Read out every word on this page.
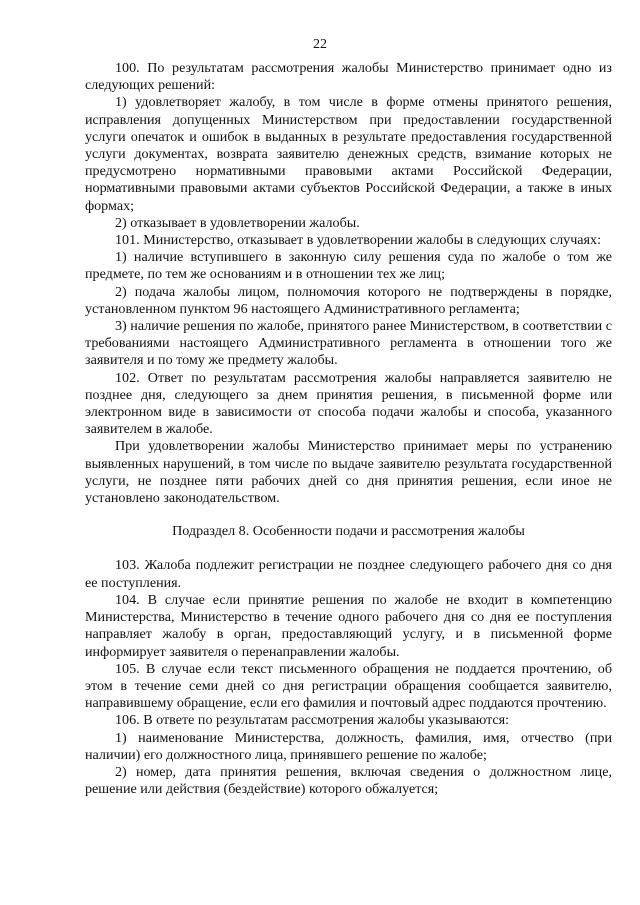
22

100. По результатам рассмотрения жалобы Министерство принимает одно из следующих решений:

1) удовлетворяет жалобу, в том числе в форме отмены принятого решения, исправления допущенных Министерством при предоставлении государственной услуги опечаток и ошибок в выданных в результате предоставления государственной услуги документах, возврата заявителю денежных средств, взимание которых не предусмотрено нормативными правовыми актами Российской Федерации, нормативными правовыми актами субъектов Российской Федерации, а также в иных формах;

2) отказывает в удовлетворении жалобы.

101. Министерство, отказывает в удовлетворении жалобы в следующих случаях:

1) наличие вступившего в законную силу решения суда по жалобе о том же предмете, по тем же основаниям и в отношении тех же лиц;

2) подача жалобы лицом, полномочия которого не подтверждены в порядке, установленном пунктом 96 настоящего Административного регламента;

3) наличие решения по жалобе, принятого ранее Министерством, в соответствии с требованиями настоящего Административного регламента в отношении того же заявителя и по тому же предмету жалобы.

102. Ответ по результатам рассмотрения жалобы направляется заявителю не позднее дня, следующего за днем принятия решения, в письменной форме или электронном виде в зависимости от способа подачи жалобы и способа, указанного заявителем в жалобе.

При удовлетворении жалобы Министерство принимает меры по устранению выявленных нарушений, в том числе по выдаче заявителю результата государственной услуги, не позднее пяти рабочих дней со дня принятия решения, если иное не установлено законодательством.

Подраздел 8. Особенности подачи и рассмотрения жалобы

103. Жалоба подлежит регистрации не позднее следующего рабочего дня со дня ее поступления.

104. В случае если принятие решения по жалобе не входит в компетенцию Министерства, Министерство в течение одного рабочего дня со дня ее поступления направляет жалобу в орган, предоставляющий услугу, и в письменной форме информирует заявителя о перенаправлении жалобы.

105. В случае если текст письменного обращения не поддается прочтению, об этом в течение семи дней со дня регистрации обращения сообщается заявителю, направившему обращение, если его фамилия и почтовый адрес поддаются прочтению.

106. В ответе по результатам рассмотрения жалобы указываются:

1) наименование Министерства, должность, фамилия, имя, отчество (при наличии) его должностного лица, принявшего решение по жалобе;

2) номер, дата принятия решения, включая сведения о должностном лице, решение или действия (бездействие) которого обжалуется;
